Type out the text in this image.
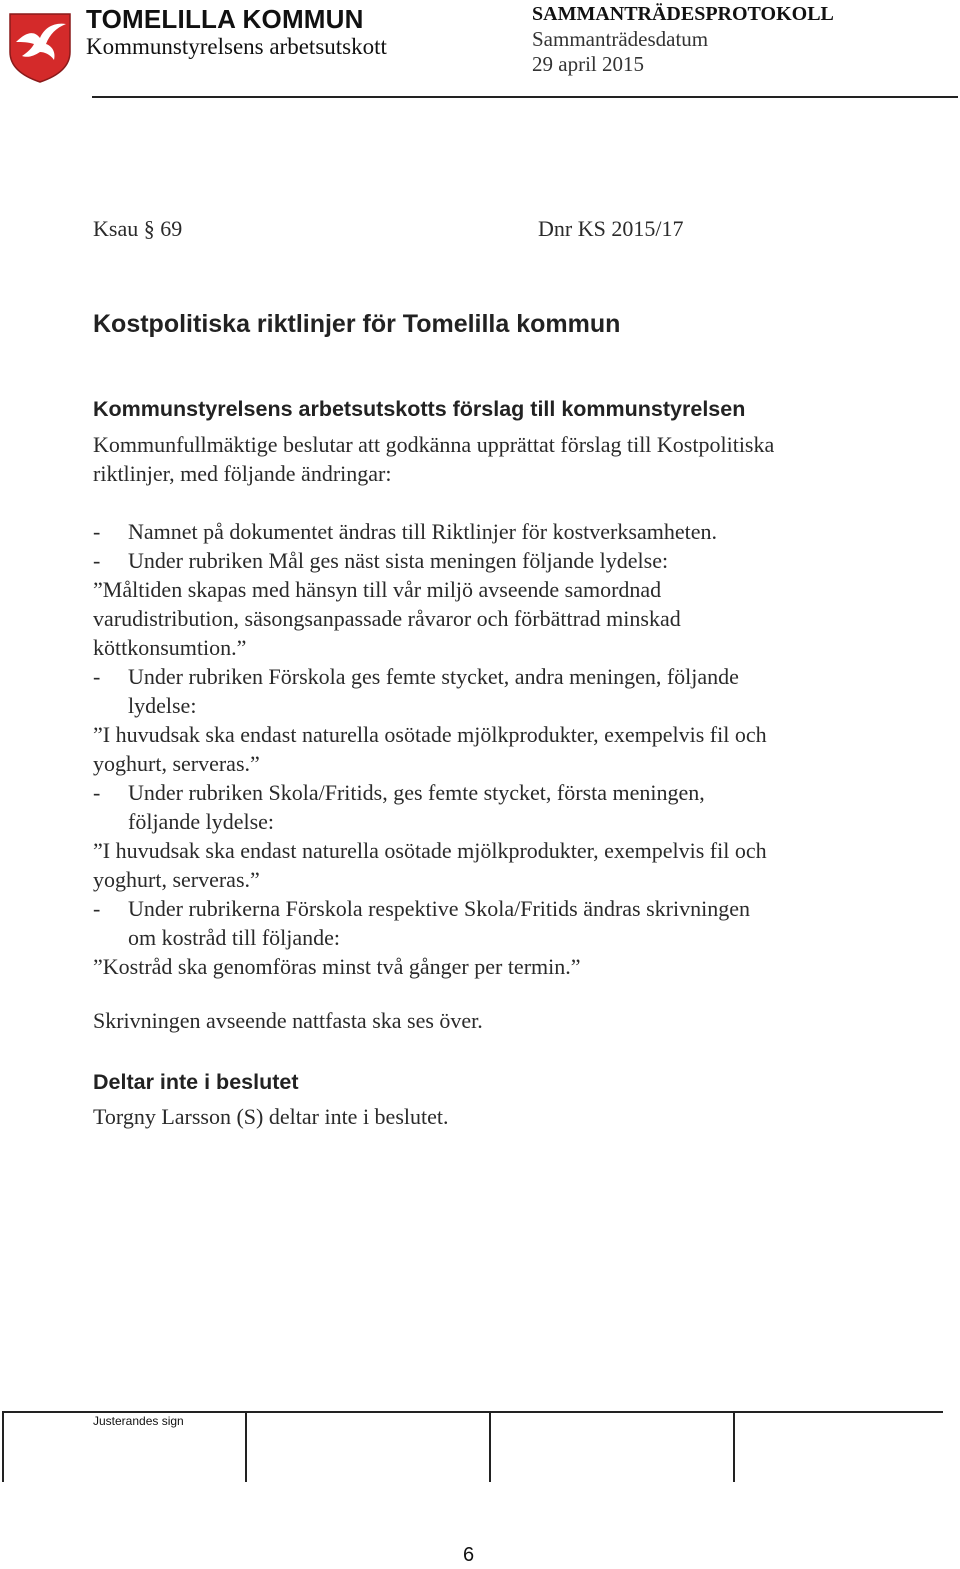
TOMELILLA KOMMUN
Kommunstyrelsens arbetsutskott
SAMMANTRÄDESPROTOKOLL
Sammanträdesdatum
29 april 2015
Ksau § 69	Dnr KS 2015/17
Kostpolitiska riktlinjer för Tomelilla kommun
Kommunstyrelsens arbetsutskotts förslag till kommunstyrelsen
Kommunfullmäktige beslutar att godkänna upprättat förslag till Kostpolitiska
riktlinjer, med följande ändringar:
- Namnet på dokumentet ändras till Riktlinjer för kostverksamheten.
- Under rubriken Mål ges näst sista meningen följande lydelse:
”Måltiden skapas med hänsyn till vår miljö avseende samordnad
varudistribution, säsongsanpassade råvaror och förbättrad minskad
köttkonsumtion.”
- Under rubriken Förskola ges femte stycket, andra meningen, följande
lydelse:
”I huvudsak ska endast naturella osötade mjölkprodukter, exempelvis fil och
yoghurt, serveras.”
- Under rubriken Skola/Fritids, ges femte stycket, första meningen,
följande lydelse:
”I huvudsak ska endast naturella osötade mjölkprodukter, exempelvis fil och
yoghurt, serveras.”
- Under rubrikerna Förskola respektive Skola/Fritids ändras skrivningen
om kostråd till följande:
”Kostråd ska genomföras minst två gånger per termin.”
Skrivningen avseende nattfasta ska ses över.
Deltar inte i beslutet
Torgny Larsson (S) deltar inte i beslutet.
Justerandes sign
6
